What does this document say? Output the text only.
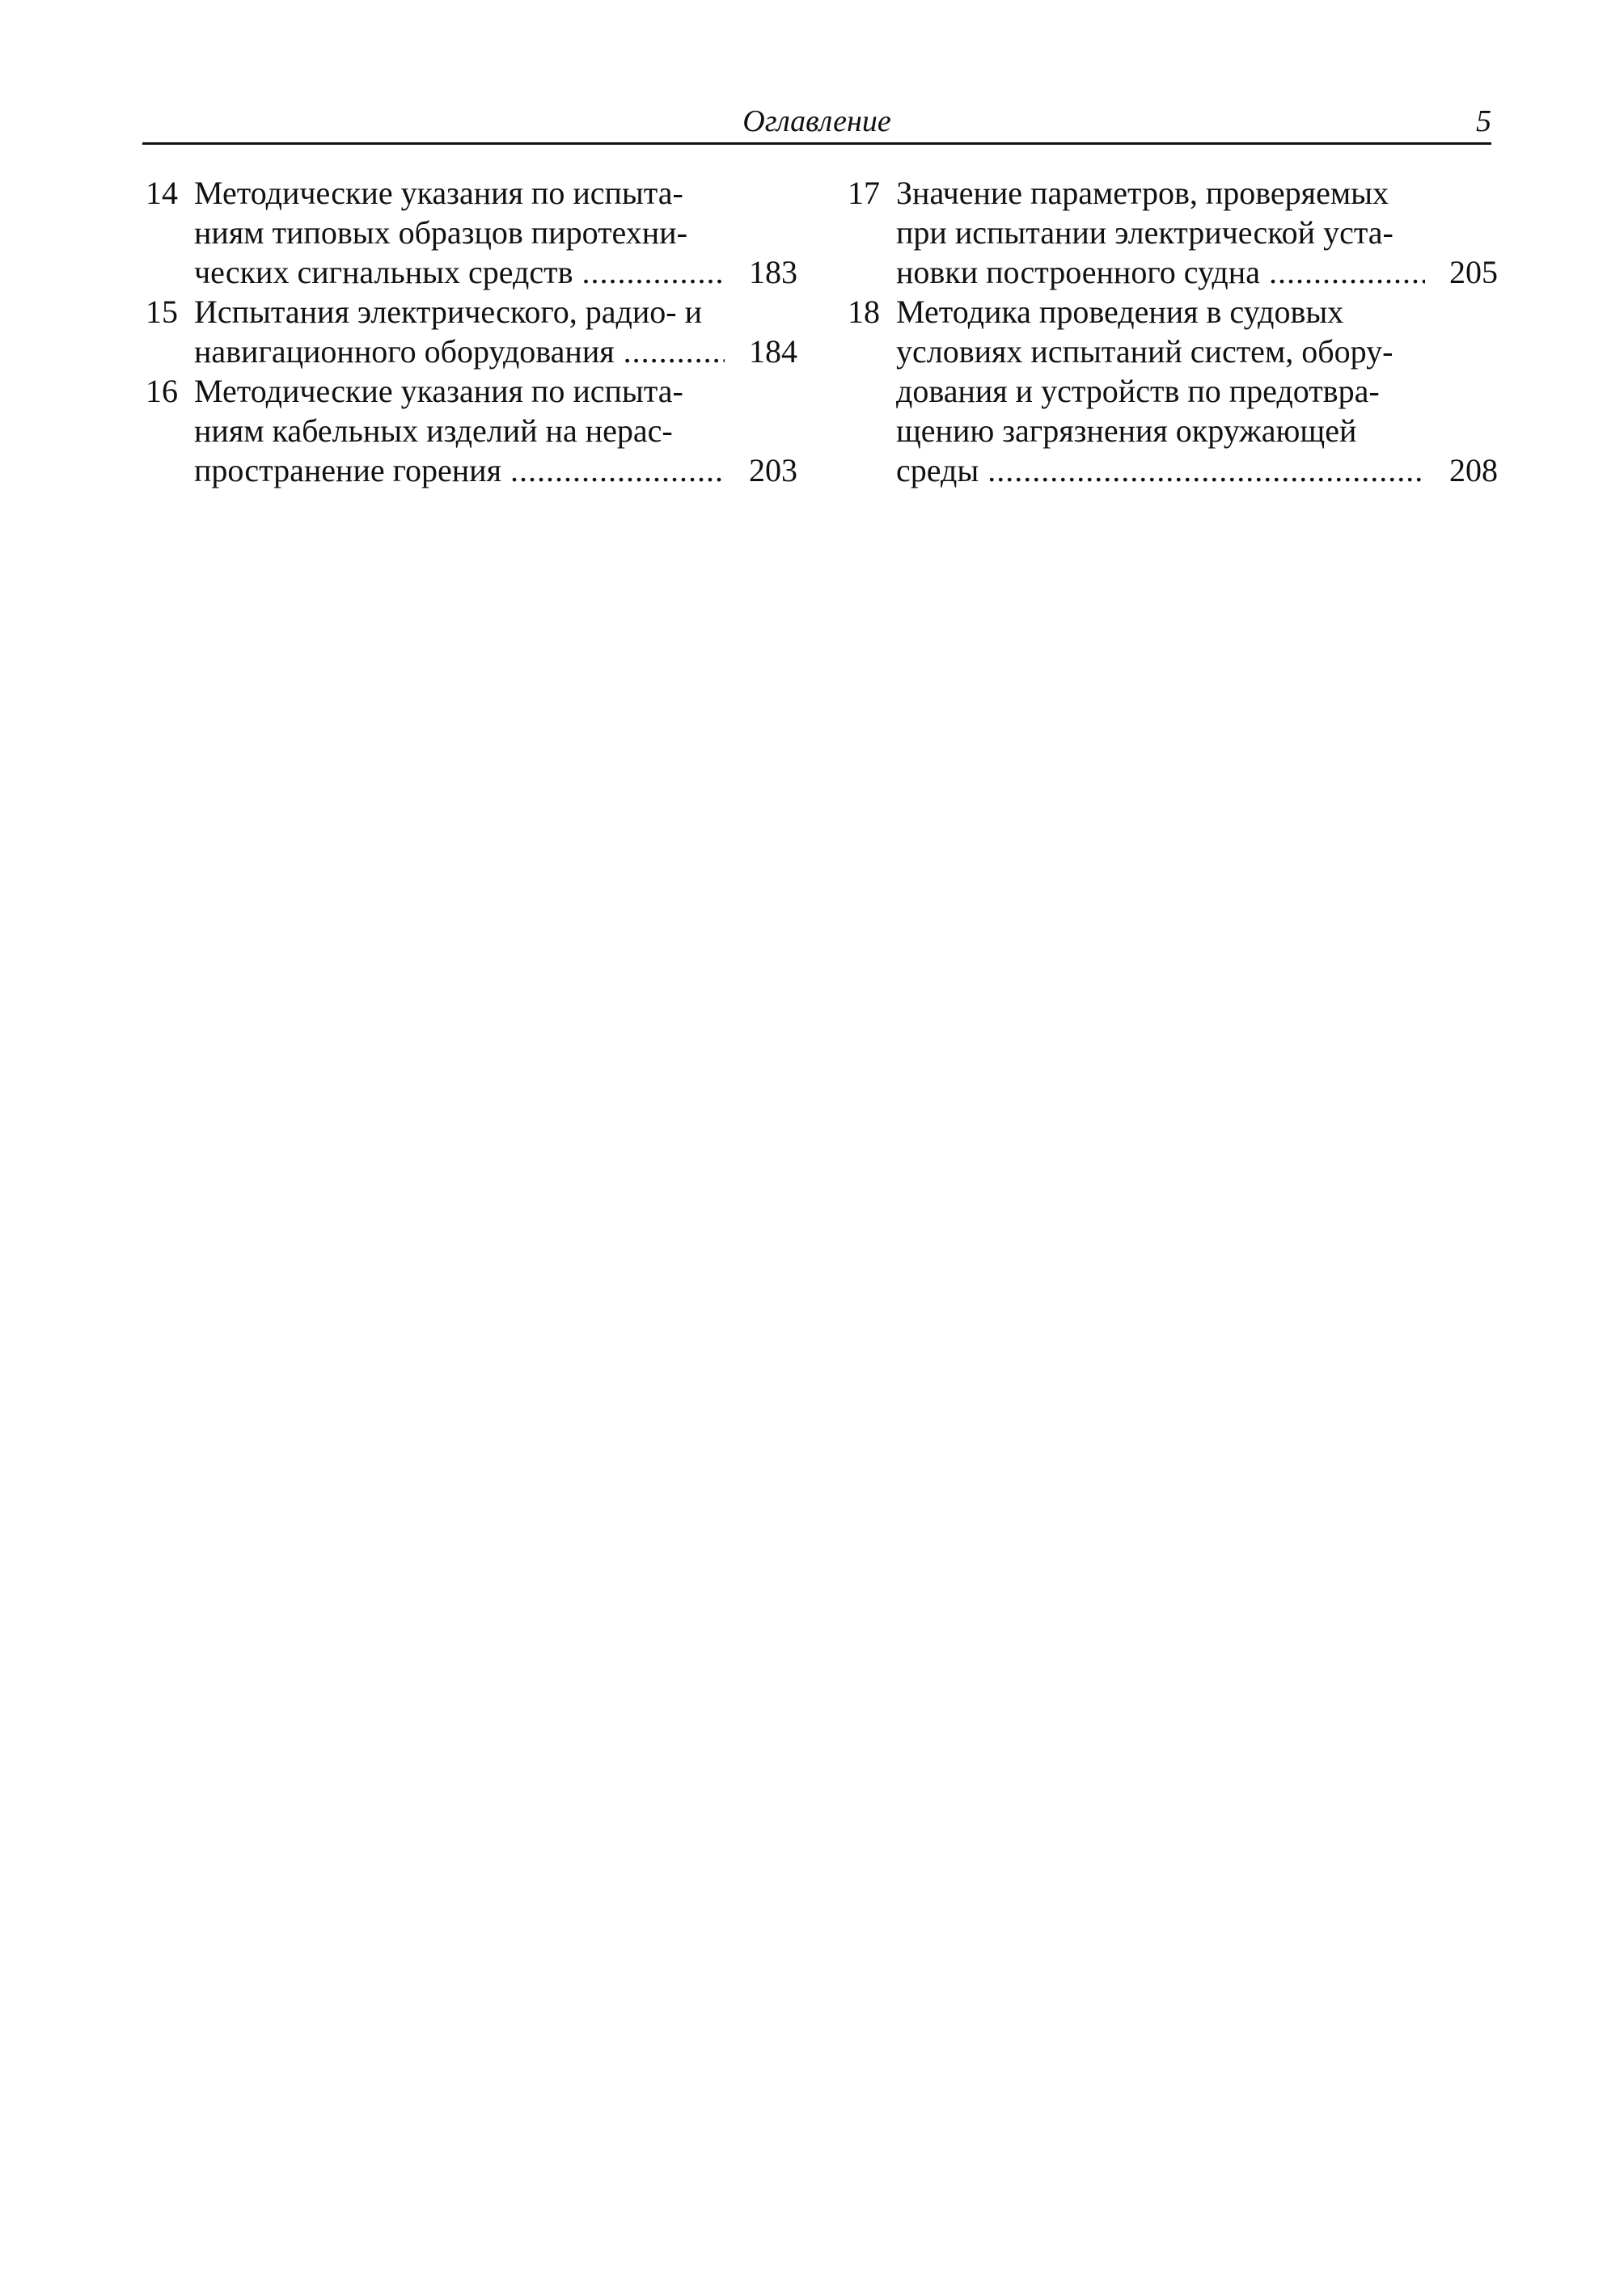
Оглавление	5
14 Методические указания по испыта-
ниям типовых образцов пиротехни-
ческих сигнальных средств .....	183
15 Испытания электрического, радио- и
навигационного оборудования .....	184
16 Методические указания по испыта-
ниям кабельных изделий на нерас-
пространение горения .....	203
17 Значение параметров, проверяемых
при испытании электрической уста-
новки построенного судна .....	205
18 Методика проведения в судовых
условиях испытаний систем, обору-
дования и устройств по предотвра-
щению загрязнения окружающей
среды .....	208
